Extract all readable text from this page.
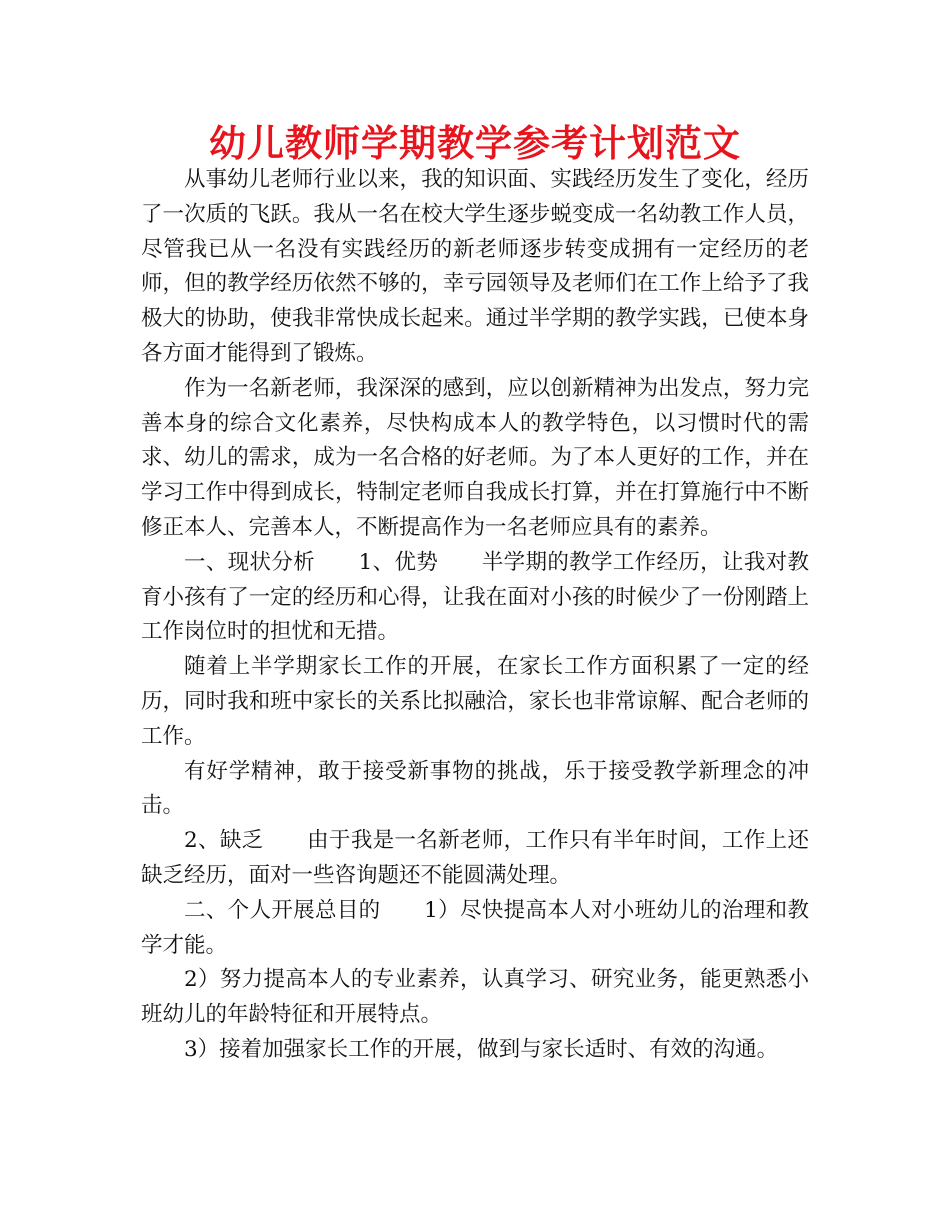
幼儿教师学期教学参考计划范文

从事幼儿老师行业以来，我的知识面、实践经历发生了变化，经历了一次质的飞跃。我从一名在校大学生逐步蜕变成一名幼教工作人员，尽管我已从一名没有实践经历的新老师逐步转变成拥有一定经历的老师，但的教学经历依然不够的，幸亏园领导及老师们在工作上给予了我极大的协助，使我非常快成长起来。通过半学期的教学实践，已使本身各方面才能得到了锻炼。

作为一名新老师，我深深的感到，应以创新精神为出发点，努力完善本身的综合文化素养，尽快构成本人的教学特色，以习惯时代的需求、幼儿的需求，成为一名合格的好老师。为了本人更好的工作，并在学习工作中得到成长，特制定老师自我成长打算，并在打算施行中不断修正本人、完善本人，不断提高作为一名老师应具有的素养。

一、现状分析　　1、优势　　半学期的教学工作经历，让我对教育小孩有了一定的经历和心得，让我在面对小孩的时候少了一份刚踏上工作岗位时的担忧和无措。

随着上半学期家长工作的开展，在家长工作方面积累了一定的经历，同时我和班中家长的关系比拟融洽，家长也非常谅解、配合老师的工作。

有好学精神，敢于接受新事物的挑战，乐于接受教学新理念的冲击。

2、缺乏　　由于我是一名新老师，工作只有半年时间，工作上还缺乏经历，面对一些咨询题还不能圆满处理。

二、个人开展总目的　　1）尽快提高本人对小班幼儿的治理和教学才能。

2）努力提高本人的专业素养，认真学习、研究业务，能更熟悉小班幼儿的年龄特征和开展特点。

3）接着加强家长工作的开展，做到与家长适时、有效的沟通。
